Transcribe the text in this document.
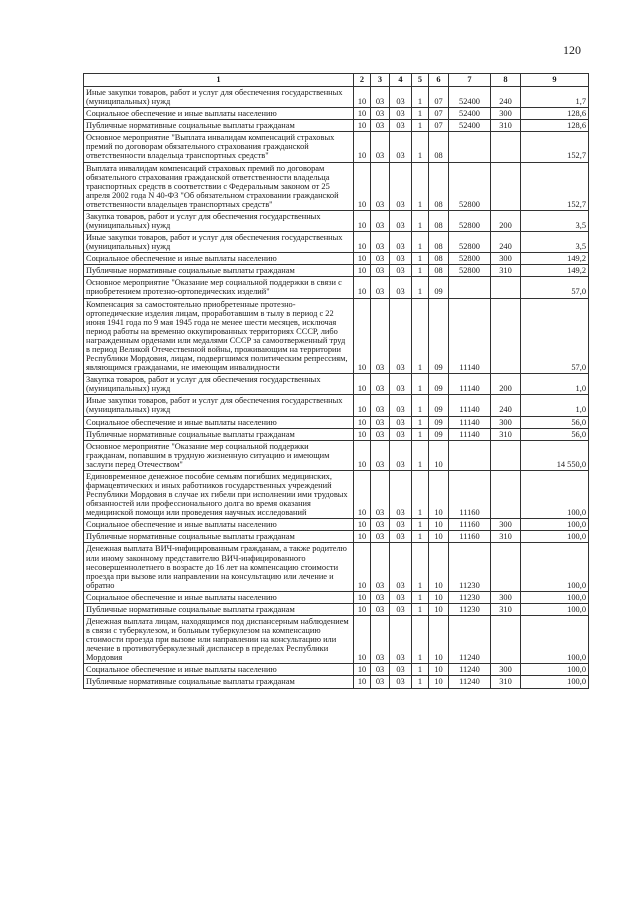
120
1	2	3	4	5	6	7	8	9
Иные закупки товаров, работ и услуг для обеспечения государственных (муниципальных) нужд	10	03	03	1	07	52400	240	1,7
Социальное обеспечение и иные выплаты населению	10	03	03	1	07	52400	300	128,6
Публичные нормативные социальные выплаты гражданам	10	03	03	1	07	52400	310	128,6
Основное мероприятие "Выплата инвалидам компенсаций страховых премий по договорам обязательного страхования гражданской ответственности владельца транспортных средств"	10	03	03	1	08			152,7
Выплата инвалидам компенсаций страховых премий по договорам обязательного страхования гражданской ответственности владельца транспортных средств в соответствии с Федеральным законом от 25 апреля 2002 года N 40-ФЗ "Об обязательном страховании гражданской ответственности владельцев транспортных средств"	10	03	03	1	08	52800		152,7
Закупка товаров, работ и услуг для обеспечения государственных (муниципальных) нужд	10	03	03	1	08	52800	200	3,5
Иные закупки товаров, работ и услуг для обеспечения государственных (муниципальных) нужд	10	03	03	1	08	52800	240	3,5
Социальное обеспечение и иные выплаты населению	10	03	03	1	08	52800	300	149,2
Публичные нормативные социальные выплаты гражданам	10	03	03	1	08	52800	310	149,2
Основное мероприятие "Оказание мер социальной поддержки в связи с приобретением протезно-ортопедических изделий"	10	03	03	1	09			57,0
Компенсация за самостоятельно приобретенные протезно-ортопедические изделия лицам, проработавшим в тылу в период с 22 июня 1941 года по 9 мая 1945 года не менее шести месяцев, исключая период работы на временно оккупированных территориях СССР, либо награжденным орденами или медалями СССР за самоотверженный труд в период Великой Отечественной войны, проживающим на территории Республики Мордовия, лицам, подвергшимся политическим репрессиям, являющимся гражданами, не имеющим инвалидности	10	03	03	1	09	11140		57,0
Закупка товаров, работ и услуг для обеспечения государственных (муниципальных) нужд	10	03	03	1	09	11140	200	1,0
Иные закупки товаров, работ и услуг для обеспечения государственных (муниципальных) нужд	10	03	03	1	09	11140	240	1,0
Социальное обеспечение и иные выплаты населению	10	03	03	1	09	11140	300	56,0
Публичные нормативные социальные выплаты гражданам	10	03	03	1	09	11140	310	56,0
Основное мероприятие "Оказание мер социальной поддержки гражданам, попавшим в трудную жизненную ситуацию и имеющим заслуги перед Отечеством"	10	03	03	1	10			14 550,0
Единовременное денежное пособие семьям погибших медицинских, фармацевтических и иных работников государственных учреждений Республики Мордовия в случае их гибели при исполнении ими трудовых обязанностей или профессионального долга во время оказания медицинской помощи или проведения научных исследований	10	03	03	1	10	11160		100,0
Социальное обеспечение и иные выплаты населению	10	03	03	1	10	11160	300	100,0
Публичные нормативные социальные выплаты гражданам	10	03	03	1	10	11160	310	100,0
Денежная выплата ВИЧ-инфицированным гражданам, а также родителю или иному законному представителю ВИЧ-инфицированного несовершеннолетнего в возрасте до 16 лет на компенсацию стоимости проезда при вызове или направлении на консультацию или лечение и обратно	10	03	03	1	10	11230		100,0
Социальное обеспечение и иные выплаты населению	10	03	03	1	10	11230	300	100,0
Публичные нормативные социальные выплаты гражданам	10	03	03	1	10	11230	310	100,0
Денежная выплата лицам, находящимся под диспансерным наблюдением в связи с туберкулезом, и больным туберкулезом на компенсацию стоимости проезда при вызове или направлении на консультацию или лечение в противотуберкулезный диспансер в пределах Республики Мордовия	10	03	03	1	10	11240		100,0
Социальное обеспечение и иные выплаты населению	10	03	03	1	10	11240	300	100,0
Публичные нормативные социальные выплаты гражданам	10	03	03	1	10	11240	310	100,0
